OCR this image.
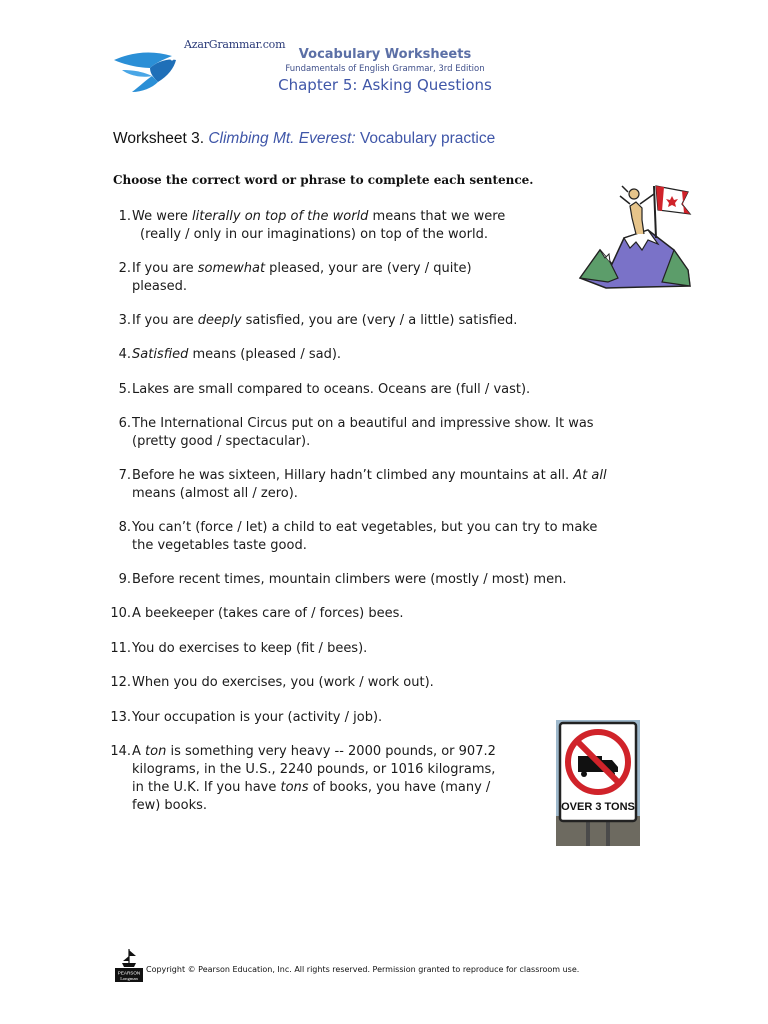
AzarGrammar.com
Vocabulary Worksheets
Fundamentals of English Grammar, 3rd Edition
Chapter 5: Asking Questions
Worksheet 3. Climbing Mt. Everest: Vocabulary practice
Choose the correct word or phrase to complete each sentence.
1. We were literally on top of the world means that we were
(really / only in our imaginations) on top of the world.
2. If you are somewhat pleased, your are (very / quite)
pleased.
3. If you are deeply satisfied, you are (very / a little) satisfied.
4. Satisfied means (pleased / sad).
5. Lakes are small compared to oceans. Oceans are (full / vast).
6. The International Circus put on a beautiful and impressive show. It was
(pretty good / spectacular).
7. Before he was sixteen, Hillary hadn’t climbed any mountains at all. At all
means (almost all / zero).
8. You can’t (force / let) a child to eat vegetables, but you can try to make
the vegetables taste good.
9. Before recent times, mountain climbers were (mostly / most) men.
10. A beekeeper (takes care of / forces) bees.
11. You do exercises to keep (fit / bees).
12. When you do exercises, you (work / work out).
13. Your occupation is your (activity / job).
14. A ton is something very heavy -- 2000 pounds, or 907.2
kilograms, in the U.S., 2240 pounds, or 1016 kilograms,
in the U.K. If you have tons of books, you have (many /
few) books.	OVER 3 TONS
PEARSON
Longman
Copyright © Pearson Education, Inc. All rights reserved. Permission granted to reproduce for classroom use.
